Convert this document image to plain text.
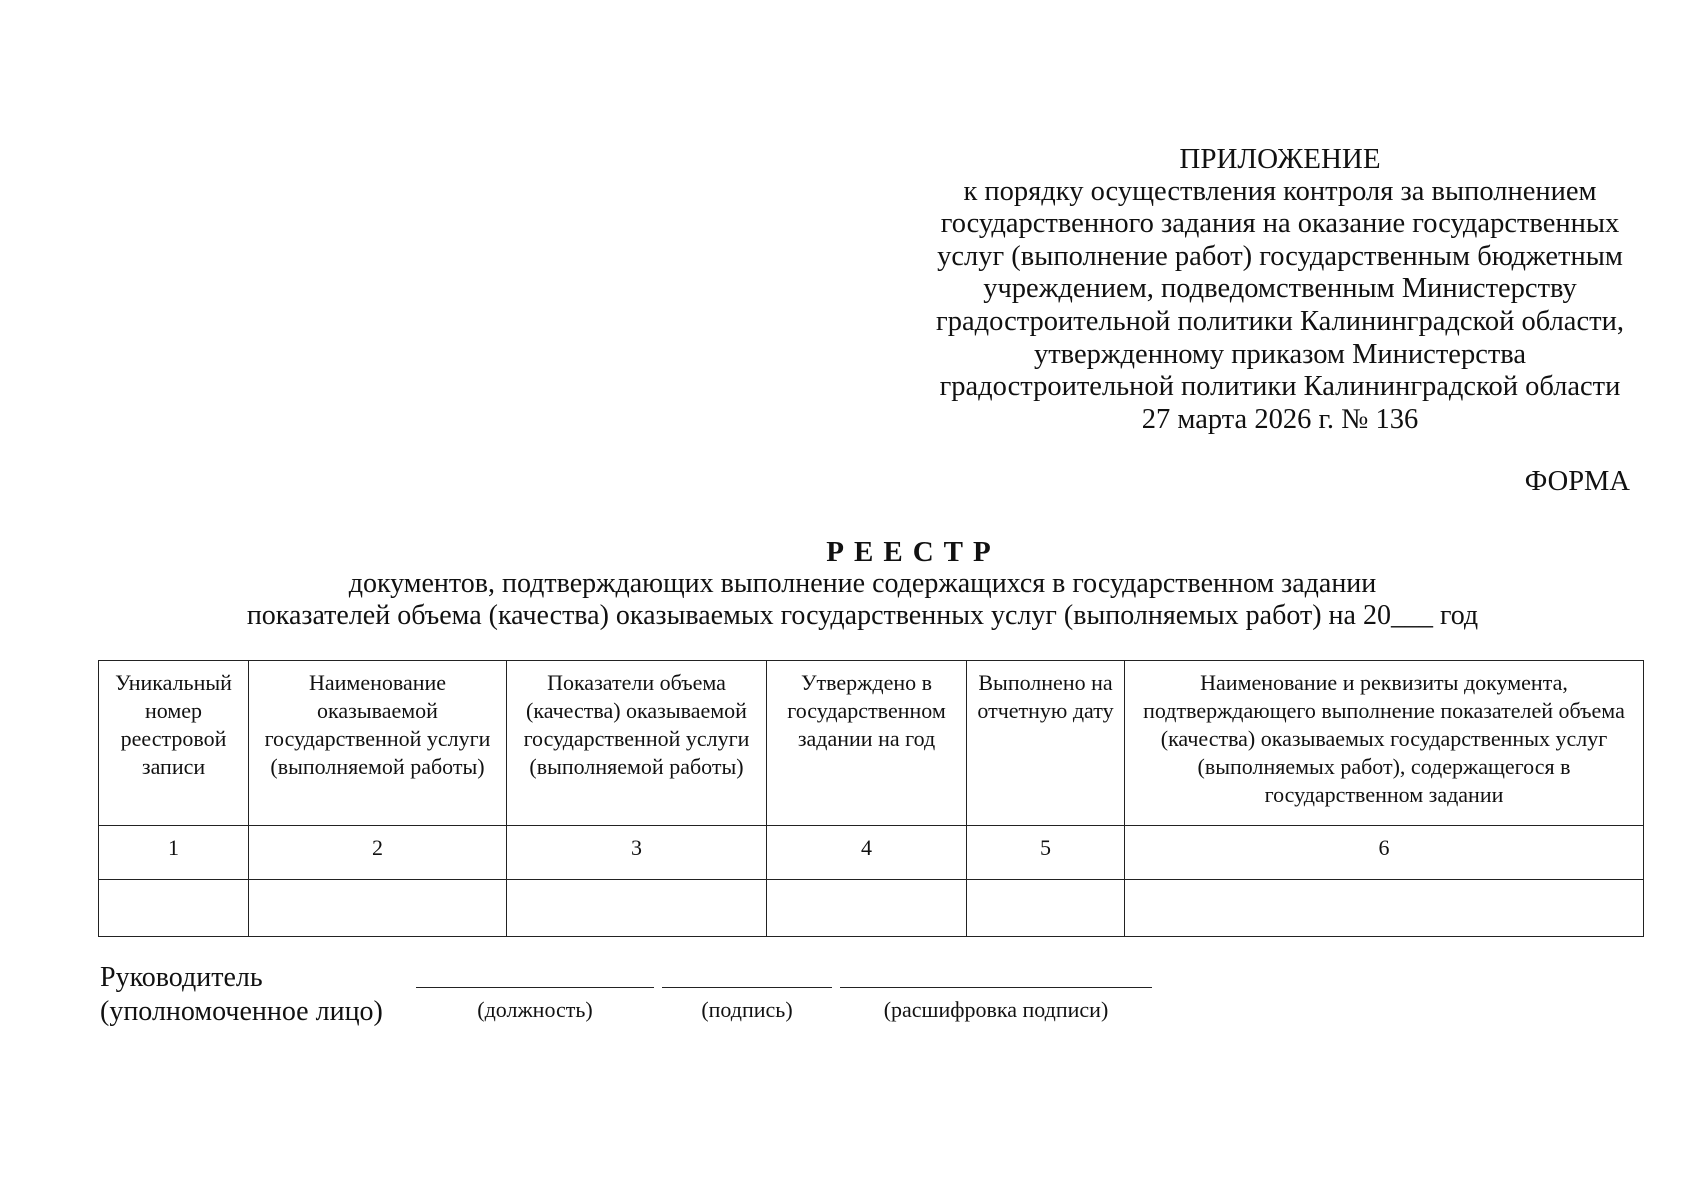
ПРИЛОЖЕНИЕ
к порядку осуществления контроля за выполнением
государственного задания на оказание государственных
услуг (выполнение работ) государственным бюджетным
учреждением, подведомственным Министерству
градостроительной политики Калининградской области,
утвержденному приказом Министерства
градостроительной политики Калининградской области
27 марта 2026 г. № 136
ФОРМА
РЕЕСТР
документов, подтверждающих выполнение содержащихся в государственном задании
показателей объема (качества) оказываемых государственных услуг (выполняемых работ) на 20___ год
Уникальный номер реестровой записи	Наименование оказываемой государственной услуги (выполняемой работы)	Показатели объема (качества) оказываемой государственной услуги (выполняемой работы)	Утверждено в государственном задании на год	Выполнено на отчетную дату	Наименование и реквизиты документа, подтверждающего выполнение показателей объема (качества) оказываемых государственных услуг (выполняемых работ), содержащегося в государственном задании
1	2	3	4	5	6

Руководитель
(уполномоченное лицо)	(должность)	(подпись)	(расшифровка подписи)
